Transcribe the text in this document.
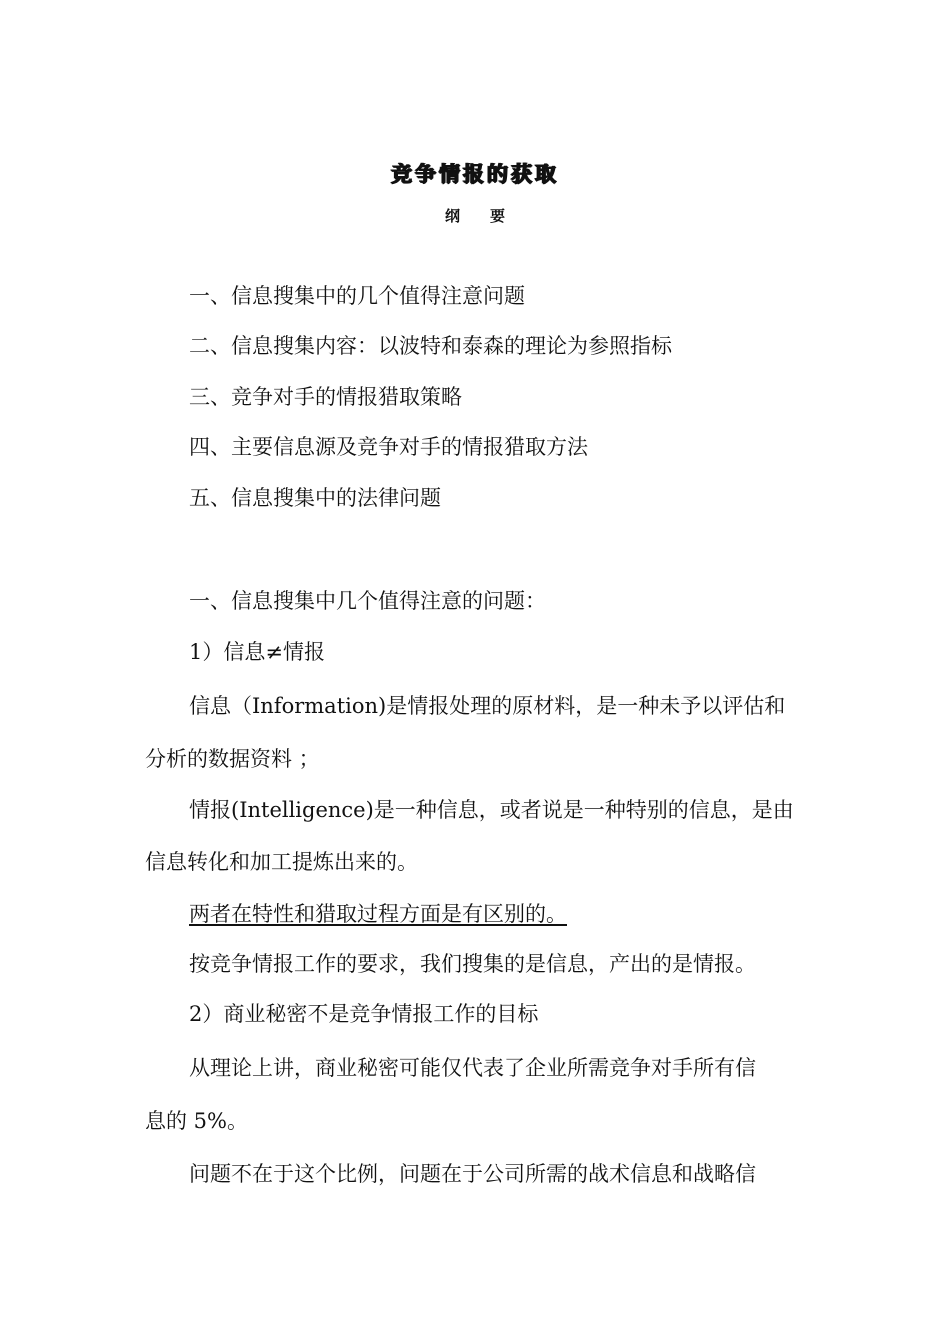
竞争情报的获取
纲要
一、信息搜集中的几个值得注意问题
二、信息搜集内容：以波特和泰森的理论为参照指标
三、竞争对手的情报猎取策略
四、主要信息源及竞争对手的情报猎取方法
五、信息搜集中的法律问题
一、信息搜集中几个值得注意的问题：
1）信息≠情报
信息（Information)是情报处理的原材料，是一种未予以评估和
分析的数据资料 ；
情报(Intelligence)是一种信息，或者说是一种特别的信息，是由
信息转化和加工提炼出来的。
两者在特性和猎取过程方面是有区别的。
按竞争情报工作的要求，我们搜集的是信息，产出的是情报。
2）商业秘密不是竞争情报工作的目标
从理论上讲，商业秘密可能仅代表了企业所需竞争对手所有信
息的 5%。
问题不在于这个比例，问题在于公司所需的战术信息和战略信
